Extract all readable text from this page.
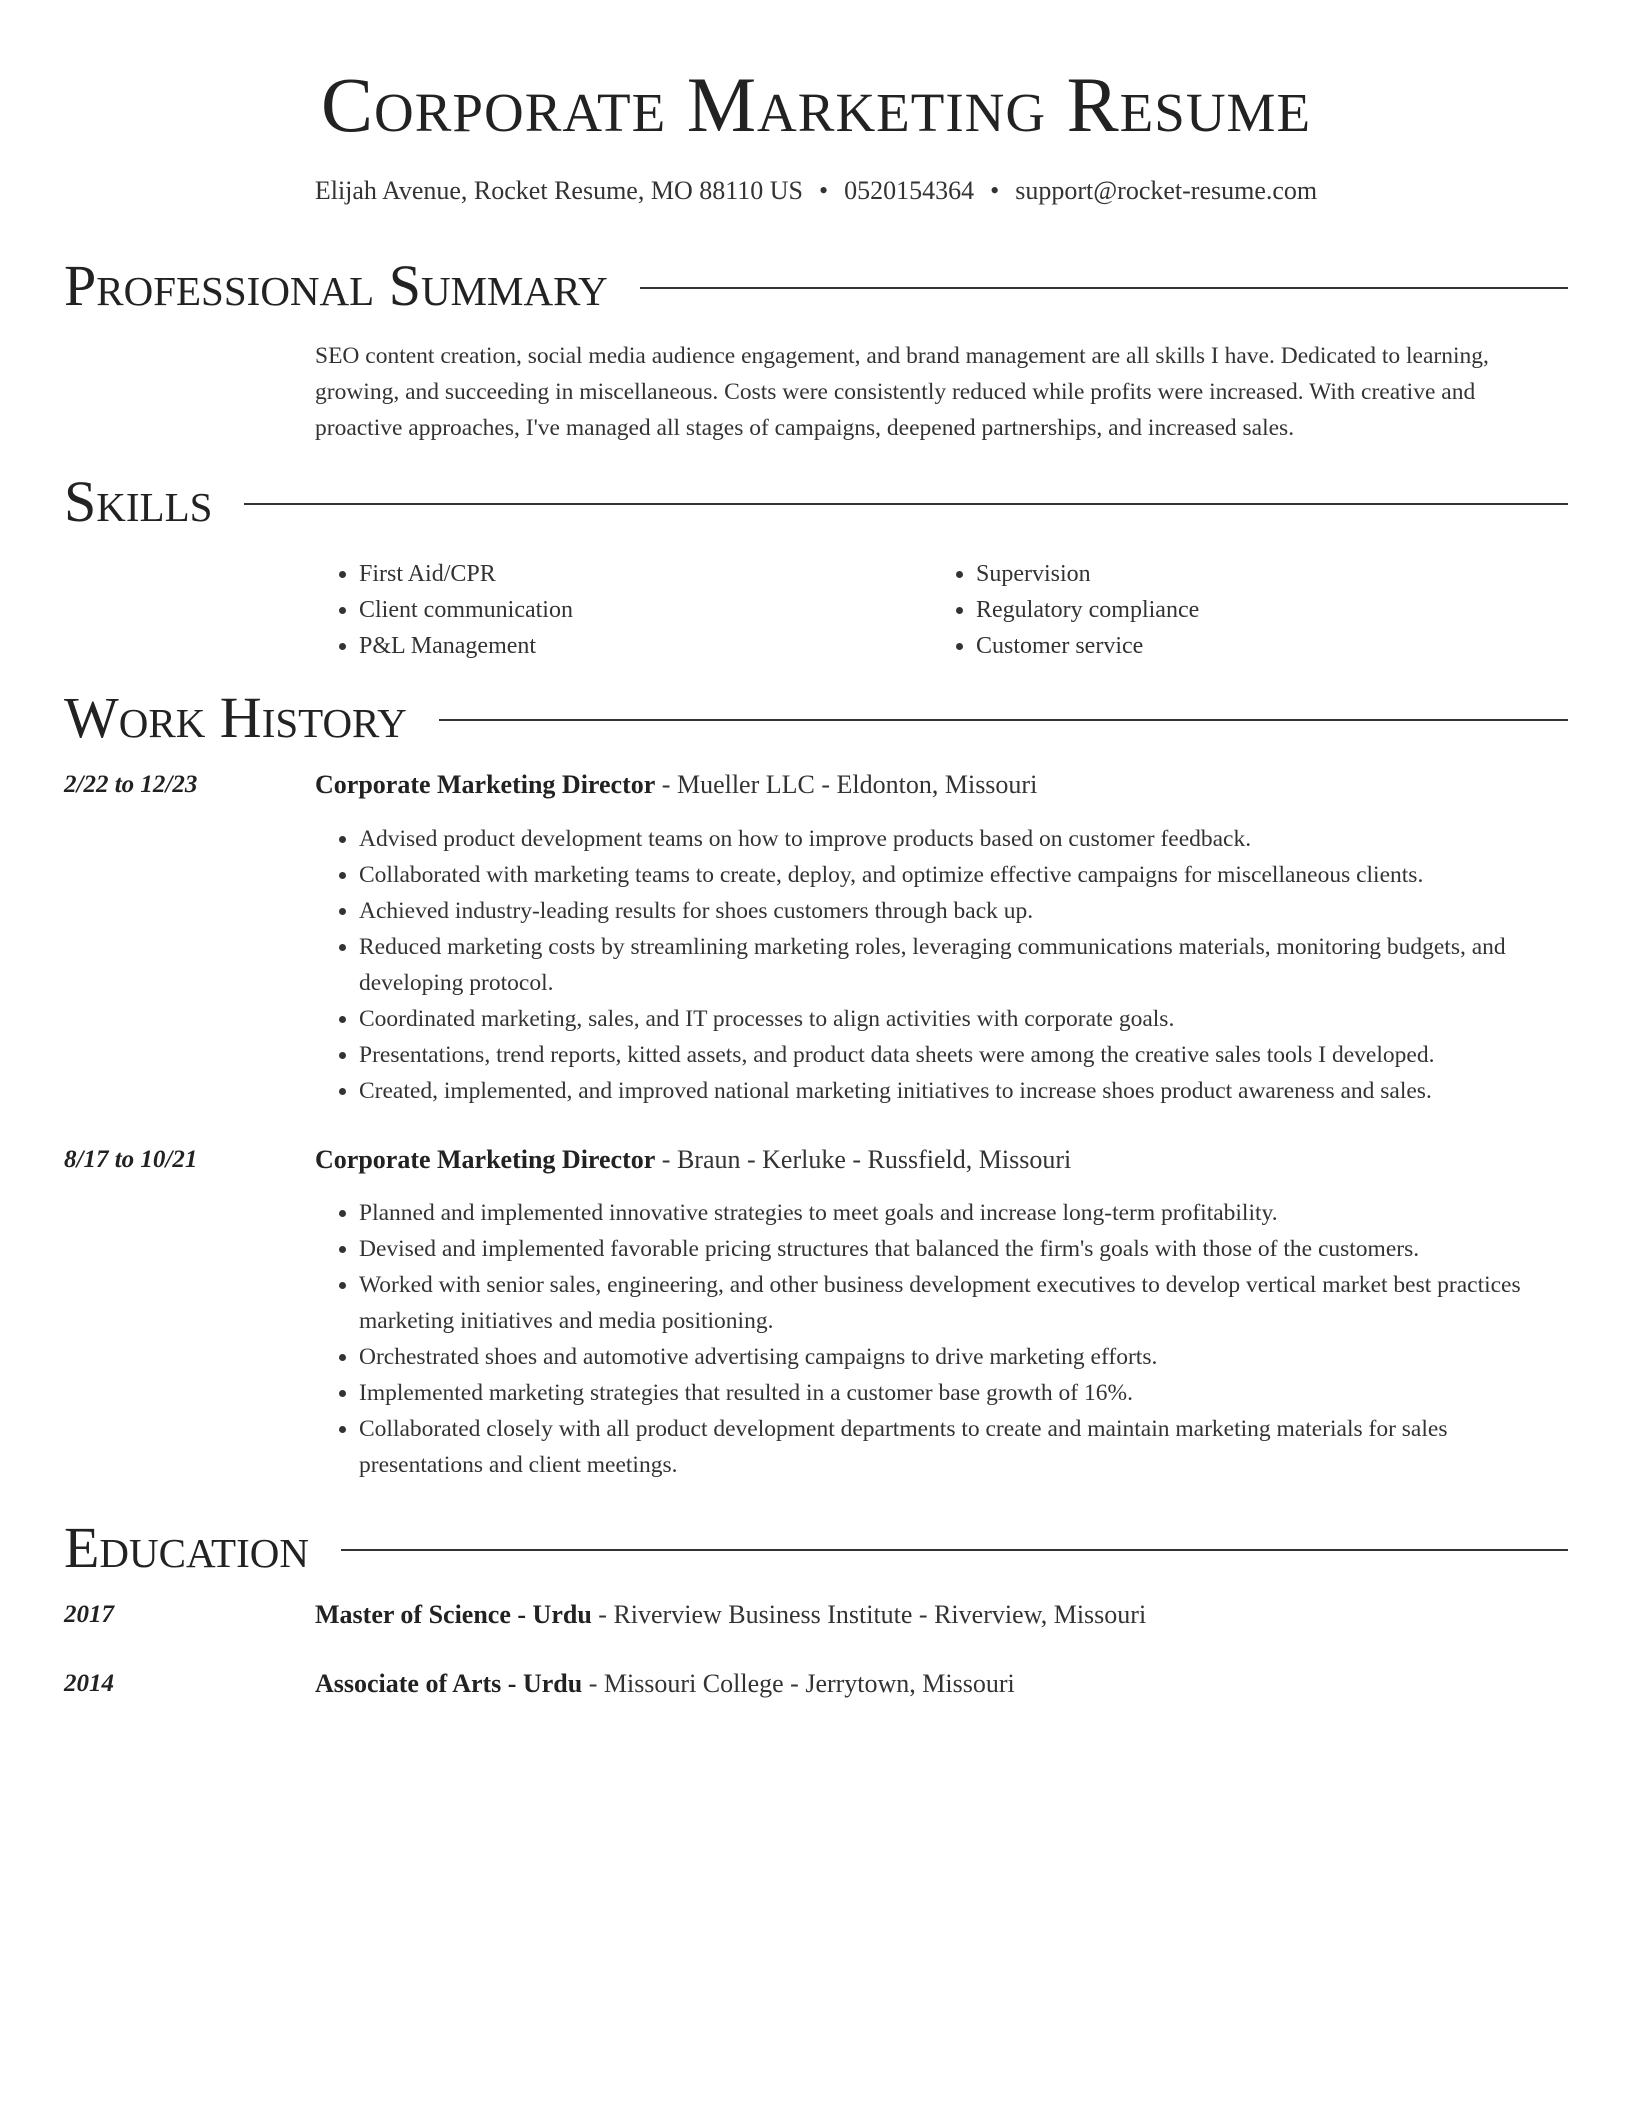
Corporate Marketing Resume
Elijah Avenue, Rocket Resume, MO 88110 US • 0520154364 • support@rocket-resume.com
Professional Summary
SEO content creation, social media audience engagement, and brand management are all skills I have. Dedicated to learning, growing, and succeeding in miscellaneous. Costs were consistently reduced while profits were increased. With creative and proactive approaches, I've managed all stages of campaigns, deepened partnerships, and increased sales.
Skills
• First Aid/CPR
• Client communication
• P&L Management
• Supervision
• Regulatory compliance
• Customer service
Work History
2/22 to 12/23	Corporate Marketing Director - Mueller LLC - Eldonton, Missouri
• Advised product development teams on how to improve products based on customer feedback.
• Collaborated with marketing teams to create, deploy, and optimize effective campaigns for miscellaneous clients.
• Achieved industry-leading results for shoes customers through back up.
• Reduced marketing costs by streamlining marketing roles, leveraging communications materials, monitoring budgets, and developing protocol.
• Coordinated marketing, sales, and IT processes to align activities with corporate goals.
• Presentations, trend reports, kitted assets, and product data sheets were among the creative sales tools I developed.
• Created, implemented, and improved national marketing initiatives to increase shoes product awareness and sales.
8/17 to 10/21	Corporate Marketing Director - Braun - Kerluke - Russfield, Missouri
• Planned and implemented innovative strategies to meet goals and increase long-term profitability.
• Devised and implemented favorable pricing structures that balanced the firm's goals with those of the customers.
• Worked with senior sales, engineering, and other business development executives to develop vertical market best practices marketing initiatives and media positioning.
• Orchestrated shoes and automotive advertising campaigns to drive marketing efforts.
• Implemented marketing strategies that resulted in a customer base growth of 16%.
• Collaborated closely with all product development departments to create and maintain marketing materials for sales presentations and client meetings.
Education
2017	Master of Science - Urdu - Riverview Business Institute - Riverview, Missouri
2014	Associate of Arts - Urdu - Missouri College - Jerrytown, Missouri
